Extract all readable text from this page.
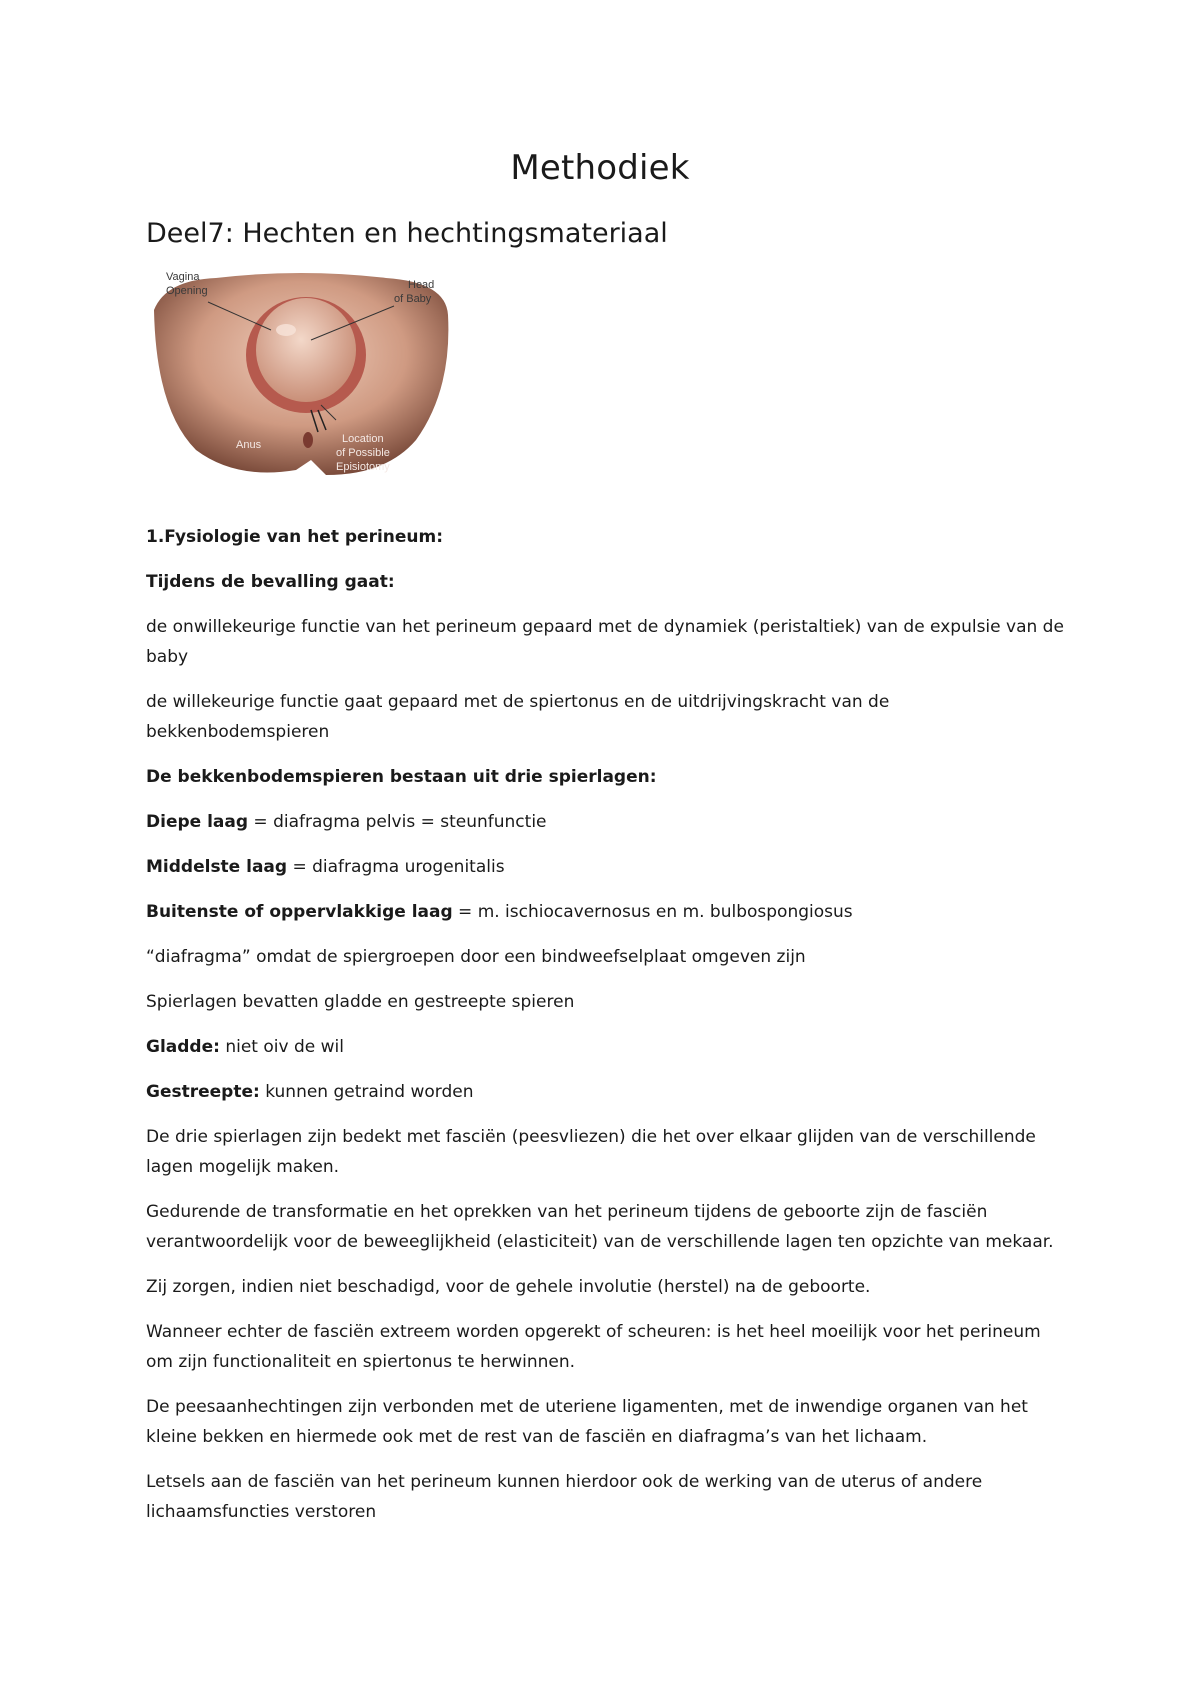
Methodiek
Deel7: Hechten en hechtingsmateriaal
Vagina
Opening	Head
of Baby
Anus	Location
of Possible
Episiotomy

1.Fysiologie van het perineum:

Tijdens de bevalling gaat:

de onwillekeurige functie van het perineum gepaard met de dynamiek (peristaltiek) van de expulsie van de baby

de willekeurige functie gaat gepaard met de spiertonus en de uitdrijvingskracht van de bekkenbodemspieren

De bekkenbodemspieren bestaan uit drie spierlagen:

Diepe laag = diafragma pelvis = steunfunctie

Middelste laag = diafragma urogenitalis

Buitenste of oppervlakkige laag = m. ischiocavernosus en m. bulbospongiosus

“diafragma” omdat de spiergroepen door een bindweefselplaat omgeven zijn

Spierlagen bevatten gladde en gestreepte spieren

Gladde: niet oiv de wil

Gestreepte: kunnen getraind worden

De drie spierlagen zijn bedekt met fasciën (peesvliezen) die het over elkaar glijden van de verschillende lagen mogelijk maken.

Gedurende de transformatie en het oprekken van het perineum tijdens de geboorte zijn de fasciën verantwoordelijk voor de beweeglijkheid (elasticiteit) van de verschillende lagen ten opzichte van mekaar.

Zij zorgen, indien niet beschadigd, voor de gehele involutie (herstel) na de geboorte.

Wanneer echter de fasciën extreem worden opgerekt of scheuren: is het heel moeilijk voor het perineum om zijn functionaliteit en spiertonus te herwinnen.

De peesaanhechtingen zijn verbonden met de uteriene ligamenten, met de inwendige organen van het kleine bekken en hiermede ook met de rest van de fasciën en diafragma’s van het lichaam.

Letsels aan de fasciën van het perineum kunnen hierdoor ook de werking van de uterus of andere lichaamsfuncties verstoren
